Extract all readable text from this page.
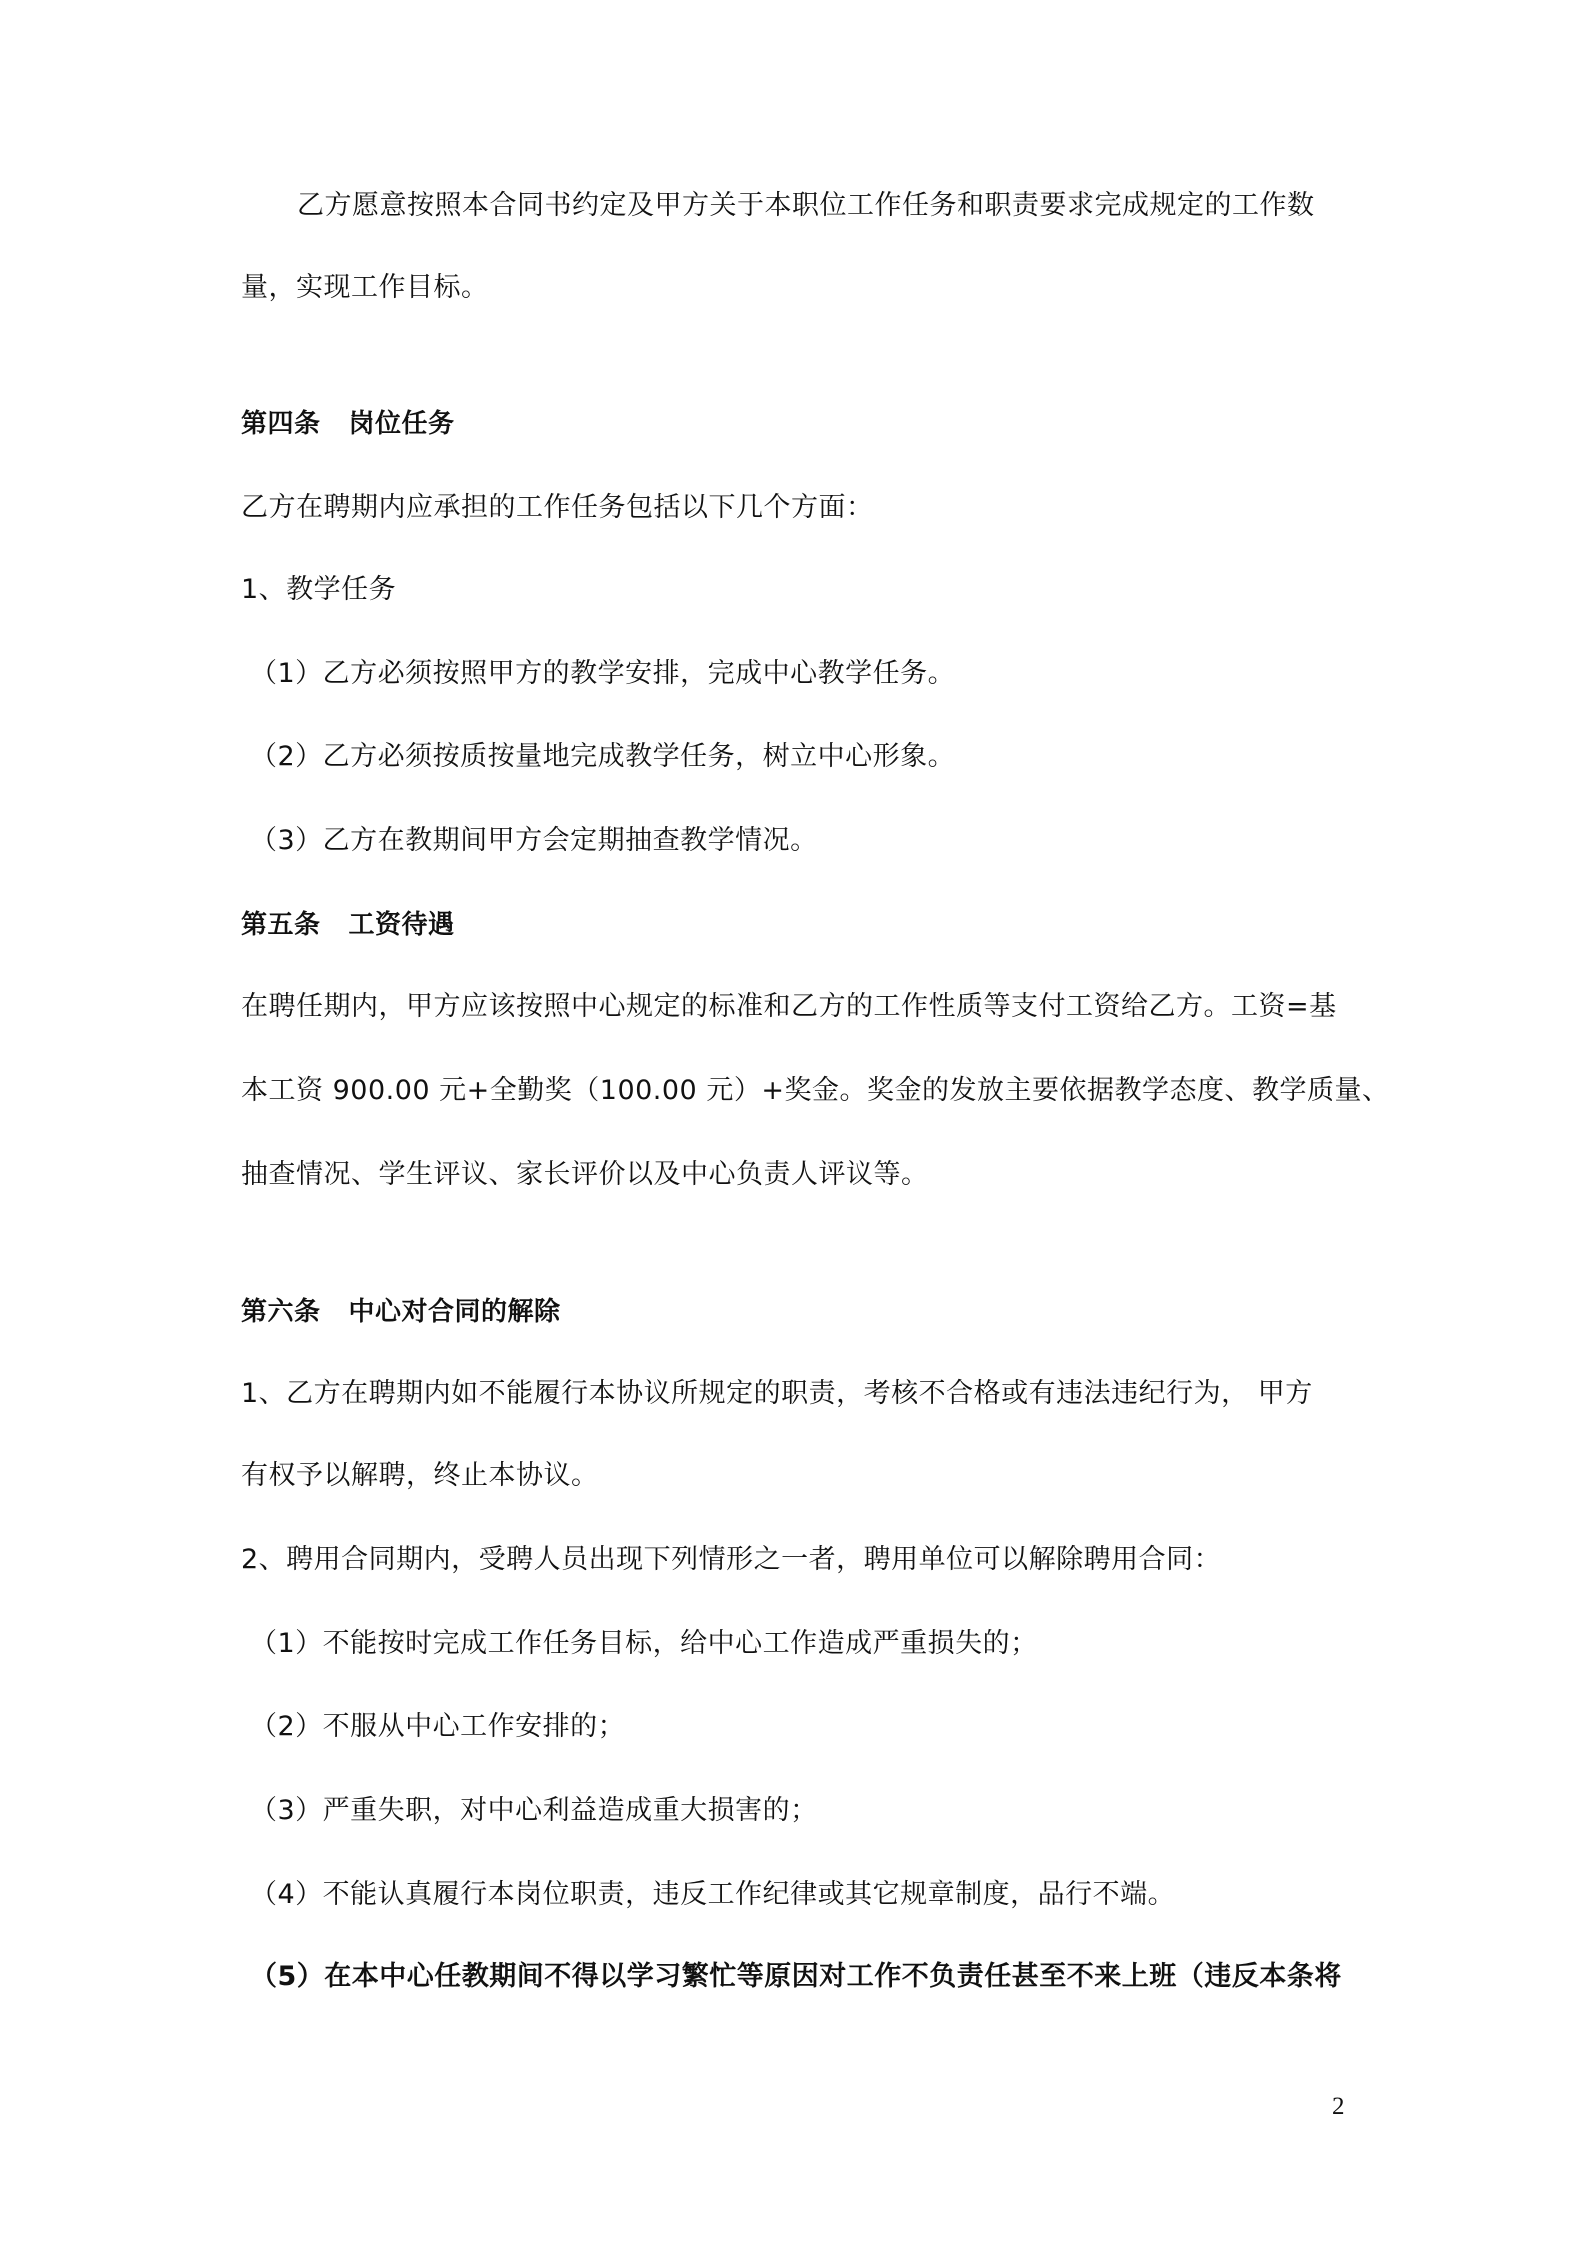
乙方愿意按照本合同书约定及甲方关于本职位工作任务和职责要求完成规定的工作数
量，实现工作目标。
第四条 岗位任务
乙方在聘期内应承担的工作任务包括以下几个方面：
1、教学任务
（1）乙方必须按照甲方的教学安排，完成中心教学任务。
（2）乙方必须按质按量地完成教学任务，树立中心形象。
（3）乙方在教期间甲方会定期抽查教学情况。
第五条 工资待遇
在聘任期内，甲方应该按照中心规定的标准和乙方的工作性质等支付工资给乙方。工资=基
本工资 900.00 元+全勤奖（100.00 元）+奖金。奖金的发放主要依据教学态度、教学质量、
抽查情况、学生评议、家长评价以及中心负责人评议等。
第六条 中心对合同的解除
1、乙方在聘期内如不能履行本协议所规定的职责，考核不合格或有违法违纪行为， 甲方
有权予以解聘，终止本协议。
2、聘用合同期内，受聘人员出现下列情形之一者，聘用单位可以解除聘用合同：
（1）不能按时完成工作任务目标，给中心工作造成严重损失的；
（2）不服从中心工作安排的；
（3）严重失职，对中心利益造成重大损害的；
（4）不能认真履行本岗位职责，违反工作纪律或其它规章制度，品行不端。
（5）在本中心任教期间不得以学习繁忙等原因对工作不负责任甚至不来上班（违反本条将
2
